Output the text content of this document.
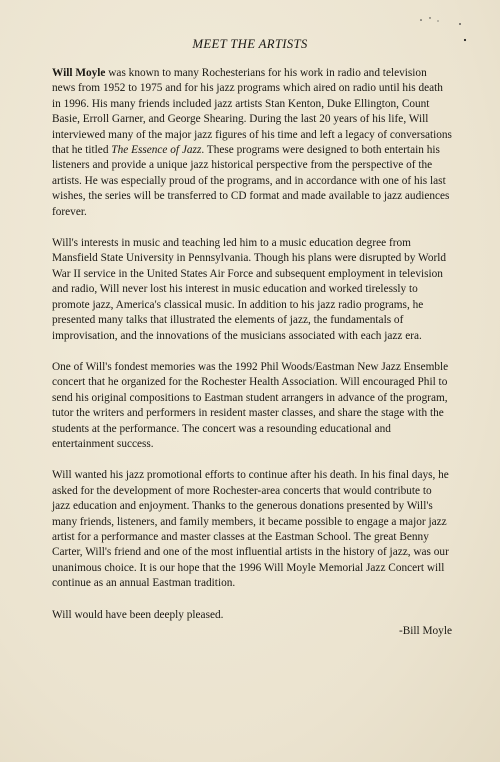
MEET THE ARTISTS

Will Moyle was known to many Rochesterians for his work in radio and television news from 1952 to 1975 and for his jazz programs which aired on radio until his death in 1996. His many friends included jazz artists Stan Kenton, Duke Ellington, Count Basie, Erroll Garner, and George Shearing. During the last 20 years of his life, Will interviewed many of the major jazz figures of his time and left a legacy of conversations that he titled The Essence of Jazz. These programs were designed to both entertain his listeners and provide a unique jazz historical perspective from the perspective of the artists. He was especially proud of the programs, and in accordance with one of his last wishes, the series will be transferred to CD format and made available to jazz audiences forever.

Will's interests in music and teaching led him to a music education degree from Mansfield State University in Pennsylvania. Though his plans were disrupted by World War II service in the United States Air Force and subsequent employment in television and radio, Will never lost his interest in music education and worked tirelessly to promote jazz, America's classical music. In addition to his jazz radio programs, he presented many talks that illustrated the elements of jazz, the fundamentals of improvisation, and the innovations of the musicians associated with each jazz era.

One of Will's fondest memories was the 1992 Phil Woods/Eastman New Jazz Ensemble concert that he organized for the Rochester Health Association. Will encouraged Phil to send his original compositions to Eastman student arrangers in advance of the program, tutor the writers and performers in resident master classes, and share the stage with the students at the performance. The concert was a resounding educational and entertainment success.

Will wanted his jazz promotional efforts to continue after his death. In his final days, he asked for the development of more Rochester-area concerts that would contribute to jazz education and enjoyment. Thanks to the generous donations presented by Will's many friends, listeners, and family members, it became possible to engage a major jazz artist for a performance and master classes at the Eastman School. The great Benny Carter, Will's friend and one of the most influential artists in the history of jazz, was our unanimous choice. It is our hope that the 1996 Will Moyle Memorial Jazz Concert will continue as an annual Eastman tradition.

Will would have been deeply pleased.
-Bill Moyle
